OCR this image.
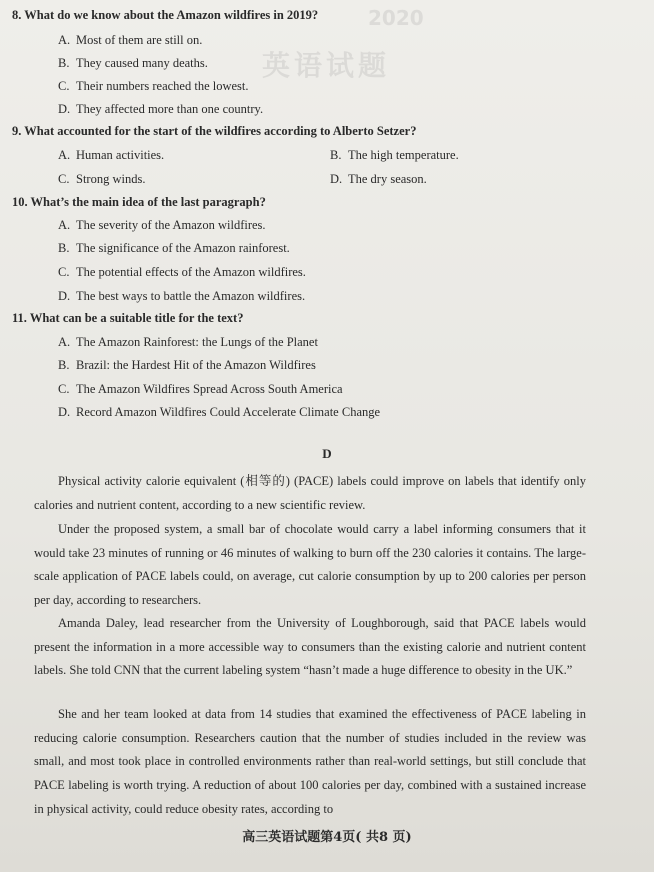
2020
英语试题
8. What do we know about the Amazon wildfires in 2019?
A. Most of them are still on.
B. They caused many deaths.
C. Their numbers reached the lowest.
D. They affected more than one country.
9. What accounted for the start of the wildfires according to Alberto Setzer?
A. Human activities.	B. The high temperature.
C. Strong winds.	D. The dry season.
10. What’s the main idea of the last paragraph?
A. The severity of the Amazon wildfires.
B. The significance of the Amazon rainforest.
C. The potential effects of the Amazon wildfires.
D. The best ways to battle the Amazon wildfires.
11. What can be a suitable title for the text?
A. The Amazon Rainforest: the Lungs of the Planet
B. Brazil: the Hardest Hit of the Amazon Wildfires
C. The Amazon Wildfires Spread Across South America
D. Record Amazon Wildfires Could Accelerate Climate Change
D

Physical activity calorie equivalent (相等的) (PACE) labels could improve on labels that identify only calories and nutrient content, according to a new scientific review.

Under the proposed system, a small bar of chocolate would carry a label informing consumers that it would take 23 minutes of running or 46 minutes of walking to burn off the 230 calories it contains. The large-scale application of PACE labels could, on average, cut calorie consumption by up to 200 calories per person per day, according to researchers.

Amanda Daley, lead researcher from the University of Loughborough, said that PACE labels would present the information in a more accessible way to consumers than the existing calorie and nutrient content labels. She told CNN that the current labeling system “hasn’t made a huge difference to obesity in the UK.”

She and her team looked at data from 14 studies that examined the effectiveness of PACE labeling in reducing calorie consumption. Researchers caution that the number of studies included in the review was small, and most took place in controlled environments rather than real-world settings, but still conclude that PACE labeling is worth trying. A reduction of about 100 calories per day, combined with a sustained increase in physical activity, could reduce obesity rates, according to

高三英语试题第4页( 共8 页)
